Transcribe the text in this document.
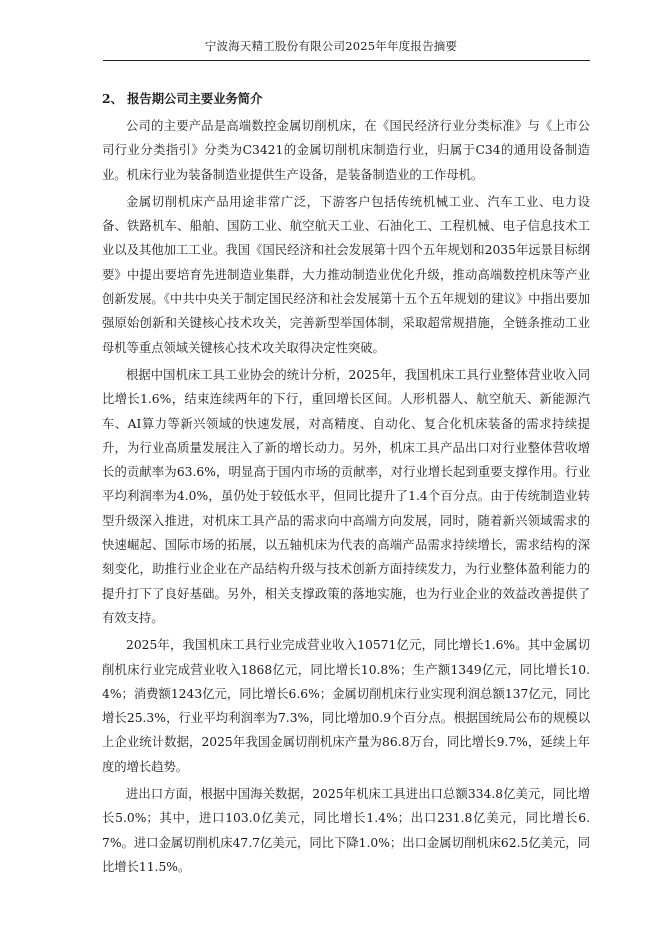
宁波海天精工股份有限公司2025年年度报告摘要

2、 报告期公司主要业务简介

公司的主要产品是高端数控金属切削机床，在《国民经济行业分类标准》与《上市公司行业分类指引》分类为C3421的金属切削机床制造行业，归属于C34的通用设备制造业。机床行业为装备制造业提供生产设备，是装备制造业的工作母机。

金属切削机床产品用途非常广泛，下游客户包括传统机械工业、汽车工业、电力设备、铁路机车、船舶、国防工业、航空航天工业、石油化工、工程机械、电子信息技术工业以及其他加工工业。我国《国民经济和社会发展第十四个五年规划和2035年远景目标纲要》中提出要培育先进制造业集群，大力推动制造业优化升级，推动高端数控机床等产业创新发展。《中共中央关于制定国民经济和社会发展第十五个五年规划的建议》中指出要加强原始创新和关键核心技术攻关，完善新型举国体制，采取超常规措施，全链条推动工业母机等重点领域关键核心技术攻关取得决定性突破。

根据中国机床工具工业协会的统计分析，2025年，我国机床工具行业整体营业收入同比增长1.6%，结束连续两年的下行，重回增长区间。人形机器人、航空航天、新能源汽车、AI算力等新兴领域的快速发展，对高精度、自动化、复合化机床装备的需求持续提升，为行业高质量发展注入了新的增长动力。另外，机床工具产品出口对行业整体营收增长的贡献率为63.6%，明显高于国内市场的贡献率，对行业增长起到重要支撑作用。行业平均利润率为4.0%，虽仍处于较低水平，但同比提升了1.4个百分点。由于传统制造业转型升级深入推进，对机床工具产品的需求向中高端方向发展，同时，随着新兴领域需求的快速崛起、国际市场的拓展，以五轴机床为代表的高端产品需求持续增长，需求结构的深刻变化，助推行业企业在产品结构升级与技术创新方面持续发力，为行业整体盈利能力的提升打下了良好基础。另外，相关支撑政策的落地实施，也为行业企业的效益改善提供了有效支持。

2025年，我国机床工具行业完成营业收入10571亿元，同比增长1.6%。其中金属切削机床行业完成营业收入1868亿元，同比增长10.8%；生产额1349亿元，同比增长10.4%；消费额1243亿元，同比增长6.6%；金属切削机床行业实现利润总额137亿元，同比增长25.3%，行业平均利润率为7.3%，同比增加0.9个百分点。根据国统局公布的规模以上企业统计数据，2025年我国金属切削机床产量为86.8万台，同比增长9.7%，延续上年度的增长趋势。

进出口方面，根据中国海关数据，2025年机床工具进出口总额334.8亿美元，同比增长5.0%；其中，进口103.0亿美元，同比增长1.4%；出口231.8亿美元，同比增长6.7%。进口金属切削机床47.7亿美元，同比下降1.0%；出口金属切削机床62.5亿美元，同比增长11.5%。
